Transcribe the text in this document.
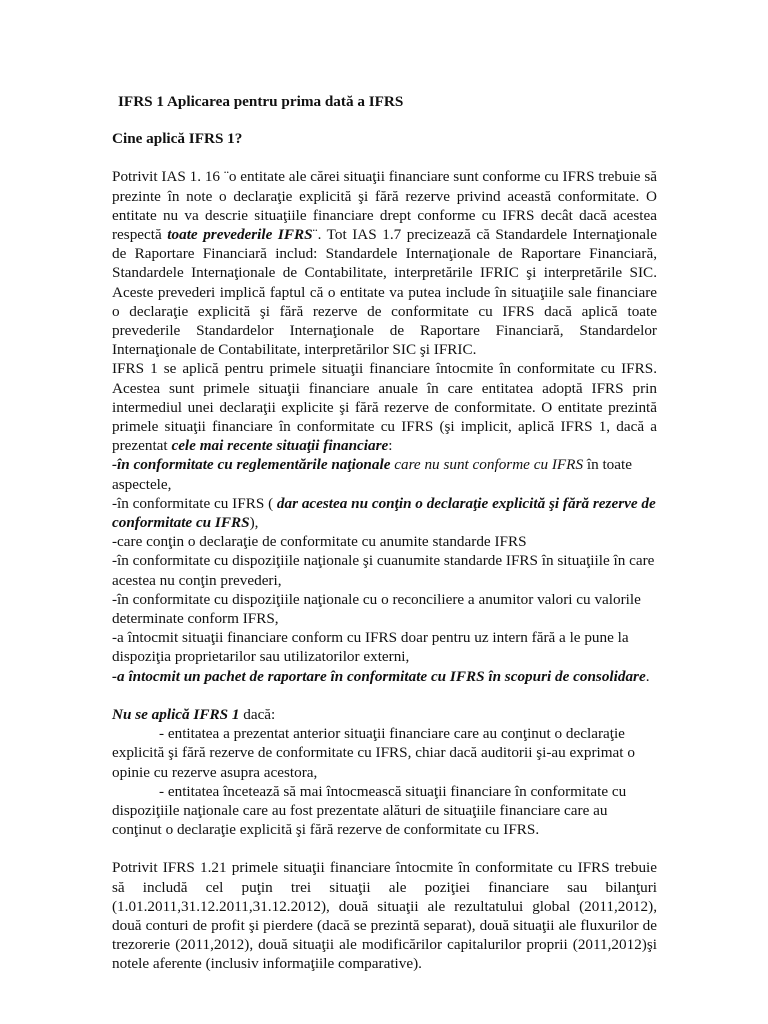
IFRS 1 Aplicarea pentru prima dată a IFRS

Cine aplică IFRS 1?

Potrivit IAS 1. 16 ¨o entitate ale cărei situaţii financiare sunt conforme cu IFRS trebuie să prezinte în note o declaraţie explicită şi fără rezerve privind această conformitate. O entitate nu va descrie situaţiile financiare drept conforme cu IFRS decât dacă acestea respectă toate prevederile IFRS¨. Tot IAS 1.7 precizează că Standardele Internaţionale de Raportare Financiară includ: Standardele Internaţionale de Raportare Financiară, Standardele Internaţionale de Contabilitate, interpretările IFRIC şi interpretările SIC. Aceste prevederi implică faptul că o entitate va putea include în situaţiile sale financiare o declaraţie explicită şi fără rezerve de conformitate cu IFRS dacă aplică toate prevederile Standardelor Internaţionale de Raportare Financiară, Standardelor Internaţionale de Contabilitate, interpretărilor SIC şi IFRIC.

IFRS 1 se aplică pentru primele situaţii financiare întocmite în conformitate cu IFRS. Acestea sunt primele situaţii financiare anuale în care entitatea adoptă IFRS prin intermediul unei declaraţii explicite şi fără rezerve de conformitate. O entitate prezintă primele situaţii financiare în conformitate cu IFRS (şi implicit, aplică IFRS 1, dacă a prezentat cele mai recente situaţii financiare:

-în conformitate cu reglementările naţionale care nu sunt conforme cu IFRS în toate aspectele,

-în conformitate cu IFRS ( dar acestea nu conţin o declaraţie explicită şi fără rezerve de conformitate cu IFRS),

-care conţin o declaraţie de conformitate cu anumite standarde IFRS

-în conformitate cu dispoziţiile naţionale şi cuanumite standarde IFRS în situaţiile în care acestea nu conţin prevederi,

-în conformitate cu dispoziţiile naţionale cu o reconciliere a anumitor valori cu valorile determinate conform IFRS,

-a întocmit situaţii financiare conform cu IFRS doar pentru uz intern fără a le pune la dispoziţia proprietarilor sau utilizatorilor externi,

-a întocmit un pachet de raportare în conformitate cu IFRS în scopuri de consolidare.

Nu se aplică IFRS 1 dacă:

- entitatea a prezentat anterior situaţii financiare care au conţinut o declaraţie explicită şi fără rezerve de conformitate cu IFRS, chiar dacă auditorii şi-au exprimat o opinie cu rezerve asupra acestora,

- entitatea încetează să mai întocmească situaţii financiare în conformitate cu dispoziţiile naţionale care au fost prezentate alături de situaţiile financiare care au conţinut o declaraţie explicită şi fără rezerve de conformitate cu IFRS.

Potrivit IFRS 1.21 primele situaţii financiare întocmite în conformitate cu IFRS trebuie să includă cel puţin trei situaţii ale poziţiei financiare sau bilanţuri (1.01.2011,31.12.2011,31.12.2012), două situaţii ale rezultatului global (2011,2012), două conturi de profit şi pierdere (dacă se prezintă separat), două situaţii ale fluxurilor de trezorerie (2011,2012), două situaţii ale modificărilor capitalurilor proprii (2011,2012)şi notele aferente (inclusiv informaţiile comparative).
